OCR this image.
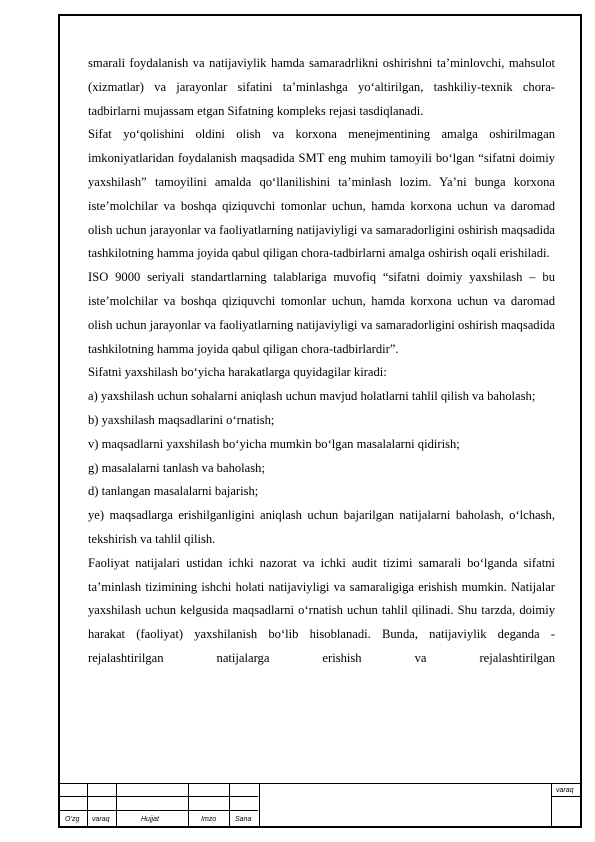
smarali foydalanish va natijaviylik hamda samaradrlikni oshirishni ta’minlovchi, mahsulot (xizmatlar) va jarayonlar sifatini ta’minlashga yo‘altirilgan, tashkiliy-texnik chora-tadbirlarni mujassam etgan Sifatning kompleks rejasi tasdiqlanadi.

Sifat yo‘qolishini oldini olish va korxona menejmentining amalga oshirilmagan imkoniyatlaridan foydalanish maqsadida SMT eng muhim tamoyili bo‘lgan “sifatni doimiy yaxshilash” tamoyilini amalda qo‘llanilishini ta’minlash lozim. Ya’ni bunga korxona iste’molchilar va boshqa qiziquvchi tomonlar uchun, hamda korxona uchun va daromad olish uchun jarayonlar va faoliyatlarning natijaviyligi va samaradorligini oshirish maqsadida tashkilotning hamma joyida qabul qiligan chora-tadbirlarni amalga oshirish oqali erishiladi.

ISO 9000 seriyali standartlarning talablariga muvofiq “sifatni doimiy yaxshilash – bu iste’molchilar va boshqa qiziquvchi tomonlar uchun, hamda korxona uchun va daromad olish uchun jarayonlar va faoliyatlarning natijaviyligi va samaradorligini oshirish maqsadida tashkilotning hamma joyida qabul qiligan chora-tadbirlardir”.

Sifatni yaxshilash bo‘yicha harakatlarga quyidagilar kiradi:

a) yaxshilash uchun sohalarni aniqlash uchun mavjud holatlarni tahlil qilish va baholash;

b) yaxshilash maqsadlarini o‘rnatish;

v) maqsadlarni yaxshilash bo‘yicha mumkin bo‘lgan masalalarni qidirish;

g) masalalarni tanlash va baholash;

d) tanlangan masalalarni bajarish;

ye) maqsadlarga erishilganligini aniqlash uchun bajarilgan natijalarni baholash, o‘lchash, tekshirish va tahlil qilish.

Faoliyat natijalari ustidan ichki nazorat va ichki audit tizimi samarali bo‘lganda sifatni ta’minlash tizimining ishchi holati natijaviyligi va samaraligiga erishish mumkin. Natijalar yaxshilash uchun kelgusida maqsadlarni o‘rnatish uchun tahlil qilinadi. Shu tarzda, doimiy harakat (faoliyat) yaxshilanish bo‘lib hisoblanadi. Bunda, natijaviylik deganda - rejalashtirilgan natijalarga erishish va rejalashtirilgan

O‘zg varaq	Hujjat	Imzo	Sana
varaq
